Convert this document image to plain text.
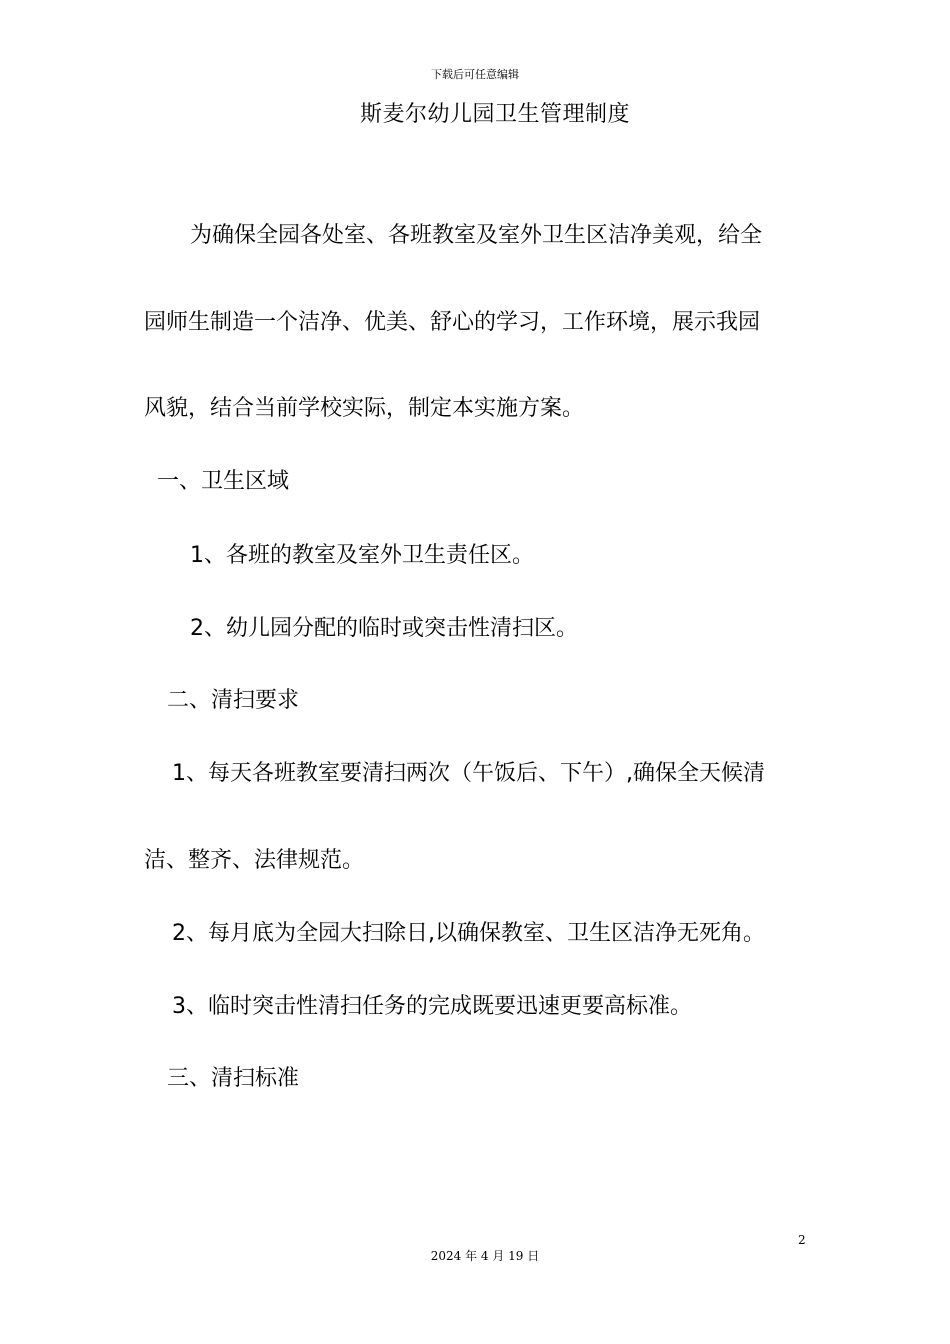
下载后可任意编辑
斯麦尔幼儿园卫生管理制度
为确保全园各处室、各班教室及室外卫生区洁净美观，给全
园师生制造一个洁净、优美、舒心的学习，工作环境，展示我园
风貌，结合当前学校实际，制定本实施方案。
一、卫生区域
1、各班的教室及室外卫生责任区。
2、幼儿园分配的临时或突击性清扫区。
二、清扫要求
1、每天各班教室要清扫两次（午饭后、下午）,确保全天候清
洁、整齐、法律规范。
2、每月底为全园大扫除日,以确保教室、卫生区洁净无死角。
3、临时突击性清扫任务的完成既要迅速更要高标准。
三、清扫标准
2
2024 年 4 月 19 日
